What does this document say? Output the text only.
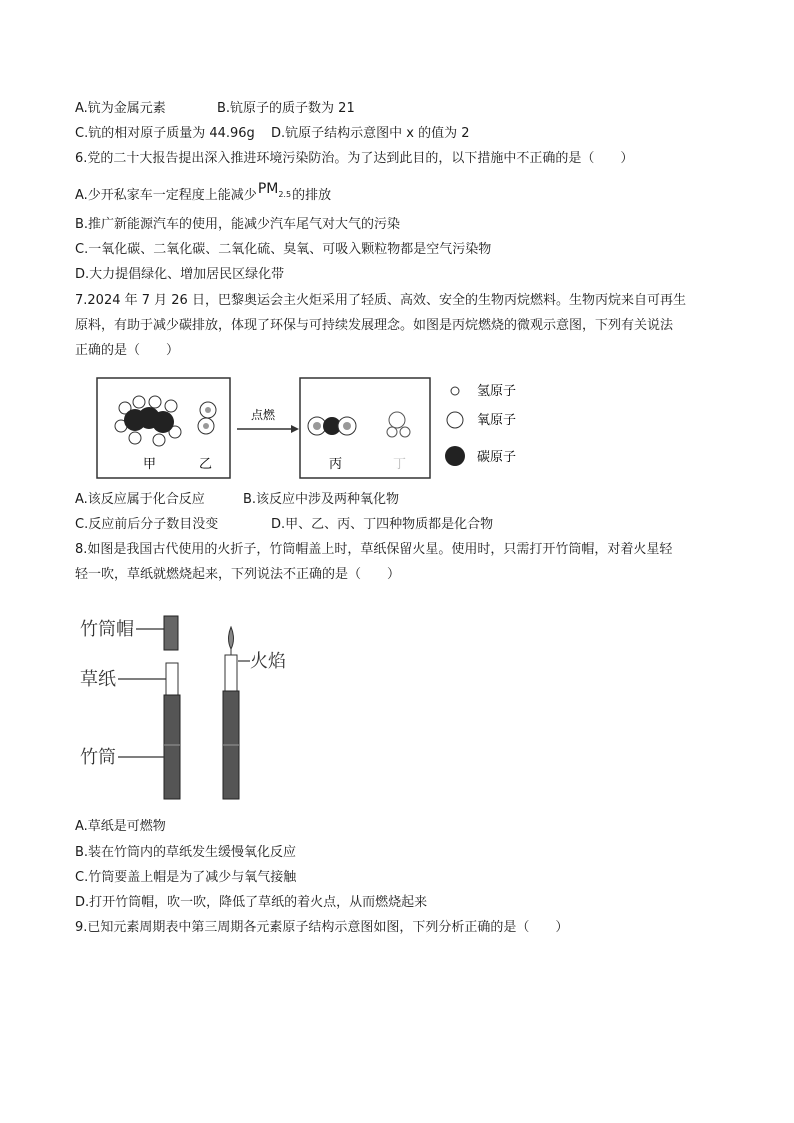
A.钪为金属元素	B.钪原子的质子数为 21
C.钪的相对原子质量为 44.96g D.钪原子结构示意图中 x 的值为 2
6.党的二十大报告提出深入推进环境污染防治。为了达到此目的，以下措施中不正确的是（　　）
A.少开私家车一定程度上能减少$PM_{2.5}$的排放
B.推广新能源汽车的使用，能减少汽车尾气对大气的污染
C.一氧化碳、二氧化碳、二氧化硫、臭氧、可吸入颗粒物都是空气污染物
D.大力提倡绿化、增加居民区绿化带
7.2024 年 7 月 26 日，巴黎奥运会主火炬采用了轻质、高效、安全的生物丙烷燃料。生物丙烷来自可再生
原料，有助于减少碳排放，体现了环保与可持续发展理念。如图是丙烷燃烧的微观示意图，下列有关说法
正确的是（　　）
甲	乙
点燃
丙	丁
氢原子
氧原子
碳原子
A.该反应属于化合反应	B.该反应中涉及两种氧化物
C.反应前后分子数目没变	D.甲、乙、丙、丁四种物质都是化合物
8.如图是我国古代使用的火折子，竹筒帽盖上时，草纸保留火星。使用时，只需打开竹筒帽，对着火星轻
轻一吹，草纸就燃烧起来，下列说法不正确的是（　　）
竹筒帽
草纸
竹筒
火焰
A.草纸是可燃物
B.装在竹筒内的草纸发生缓慢氧化反应
C.竹筒要盖上帽是为了减少与氧气接触
D.打开竹筒帽，吹一吹，降低了草纸的着火点，从而燃烧起来
9.已知元素周期表中第三周期各元素原子结构示意图如图，下列分析正确的是（　　）
